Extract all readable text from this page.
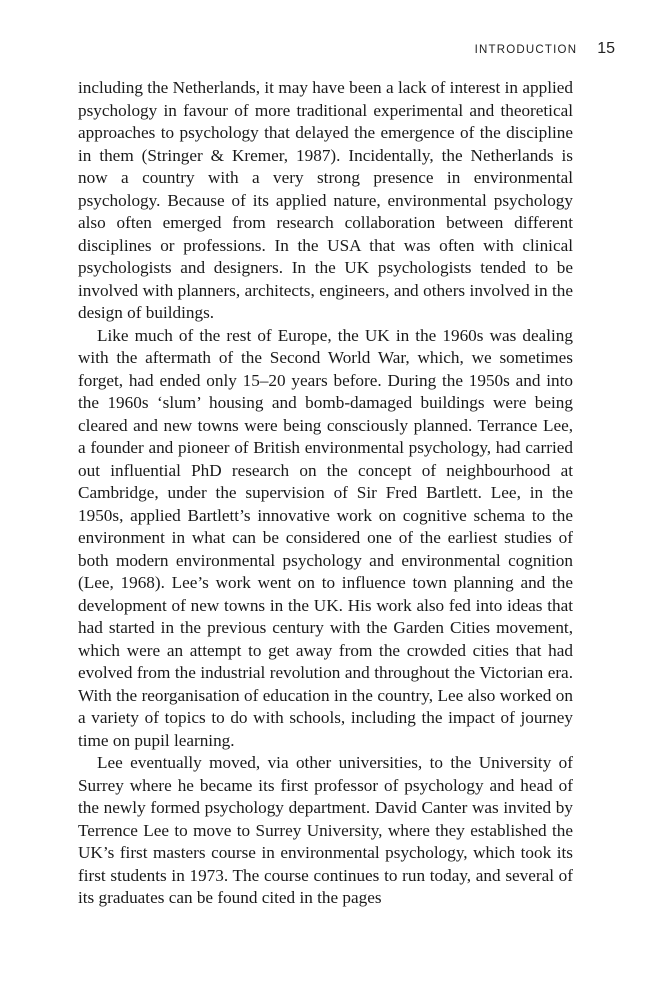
INTRODUCTION 15

including the Netherlands, it may have been a lack of interest in applied psychology in favour of more traditional experimental and theoretical approaches to psychology that delayed the emergence of the discipline in them (Stringer & Kremer, 1987). Incidentally, the Netherlands is now a country with a very strong presence in environmental psychology. Because of its applied nature, environmental psychology also often emerged from research collaboration between different disciplines or professions. In the USA that was often with clinical psychologists and designers. In the UK psychologists tended to be involved with planners, architects, engineers, and others involved in the design of buildings.

Like much of the rest of Europe, the UK in the 1960s was dealing with the aftermath of the Second World War, which, we sometimes forget, had ended only 15–20 years before. During the 1950s and into the 1960s ‘slum’ housing and bomb-damaged buildings were being cleared and new towns were being consciously planned. Terrance Lee, a founder and pioneer of British environmental psychology, had carried out influential PhD research on the concept of neighbourhood at Cambridge, under the supervision of Sir Fred Bartlett. Lee, in the 1950s, applied Bartlett’s innovative work on cognitive schema to the environment in what can be considered one of the earliest studies of both modern environmental psychology and environmental cognition (Lee, 1968). Lee’s work went on to influence town planning and the development of new towns in the UK. His work also fed into ideas that had started in the previous century with the Garden Cities movement, which were an attempt to get away from the crowded cities that had evolved from the industrial revolution and throughout the Victorian era. With the reorganisation of education in the country, Lee also worked on a variety of topics to do with schools, including the impact of journey time on pupil learning.

Lee eventually moved, via other universities, to the University of Surrey where he became its first professor of psychology and head of the newly formed psychology department. David Canter was invited by Terrence Lee to move to Surrey University, where they established the UK’s first masters course in environmental psychology, which took its first students in 1973. The course continues to run today, and several of its graduates can be found cited in the pages
